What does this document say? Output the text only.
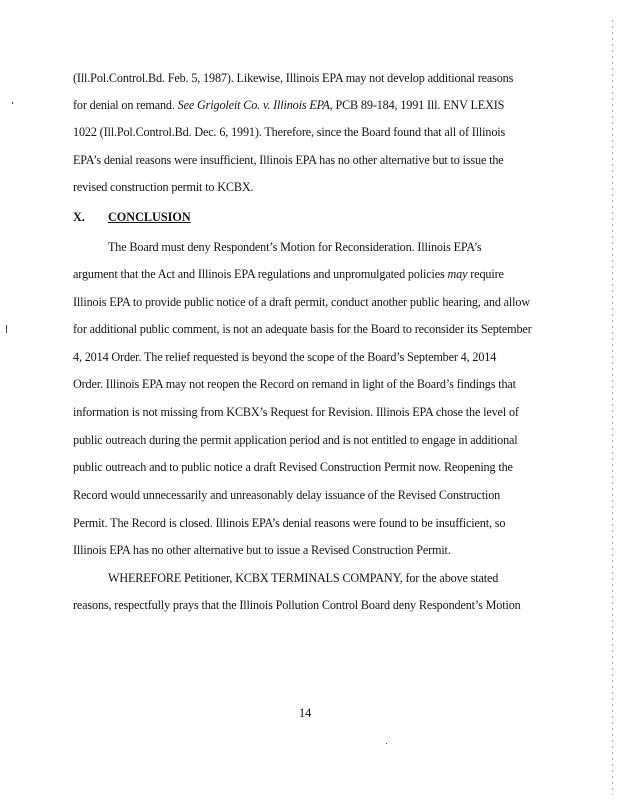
(Ill.Pol.Control.Bd. Feb. 5, 1987). Likewise, Illinois EPA may not develop additional reasons
for denial on remand. See Grigoleit Co. v. Illinois EPA, PCB 89-184, 1991 Ill. ENV LEXIS
1022 (Ill.Pol.Control.Bd. Dec. 6, 1991). Therefore, since the Board found that all of Illinois
EPA’s denial reasons were insufficient, Illinois EPA has no other alternative but to issue the
revised construction permit to KCBX.
X. CONCLUSION
The Board must deny Respondent’s Motion for Reconsideration. Illinois EPA’s
argument that the Act and Illinois EPA regulations and unpromulgated policies may require
Illinois EPA to provide public notice of a draft permit, conduct another public hearing, and allow
for additional public comment, is not an adequate basis for the Board to reconsider its September
4, 2014 Order. The relief requested is beyond the scope of the Board’s September 4, 2014
Order. Illinois EPA may not reopen the Record on remand in light of the Board’s findings that
information is not missing from KCBX’s Request for Revision. Illinois EPA chose the level of
public outreach during the permit application period and is not entitled to engage in additional
public outreach and to public notice a draft Revised Construction Permit now. Reopening the
Record would unnecessarily and unreasonably delay issuance of the Revised Construction
Permit. The Record is closed. Illinois EPA’s denial reasons were found to be insufficient, so
Illinois EPA has no other alternative but to issue a Revised Construction Permit.
WHEREFORE Petitioner, KCBX TERMINALS COMPANY, for the above stated
reasons, respectfully prays that the Illinois Pollution Control Board deny Respondent’s Motion
14
